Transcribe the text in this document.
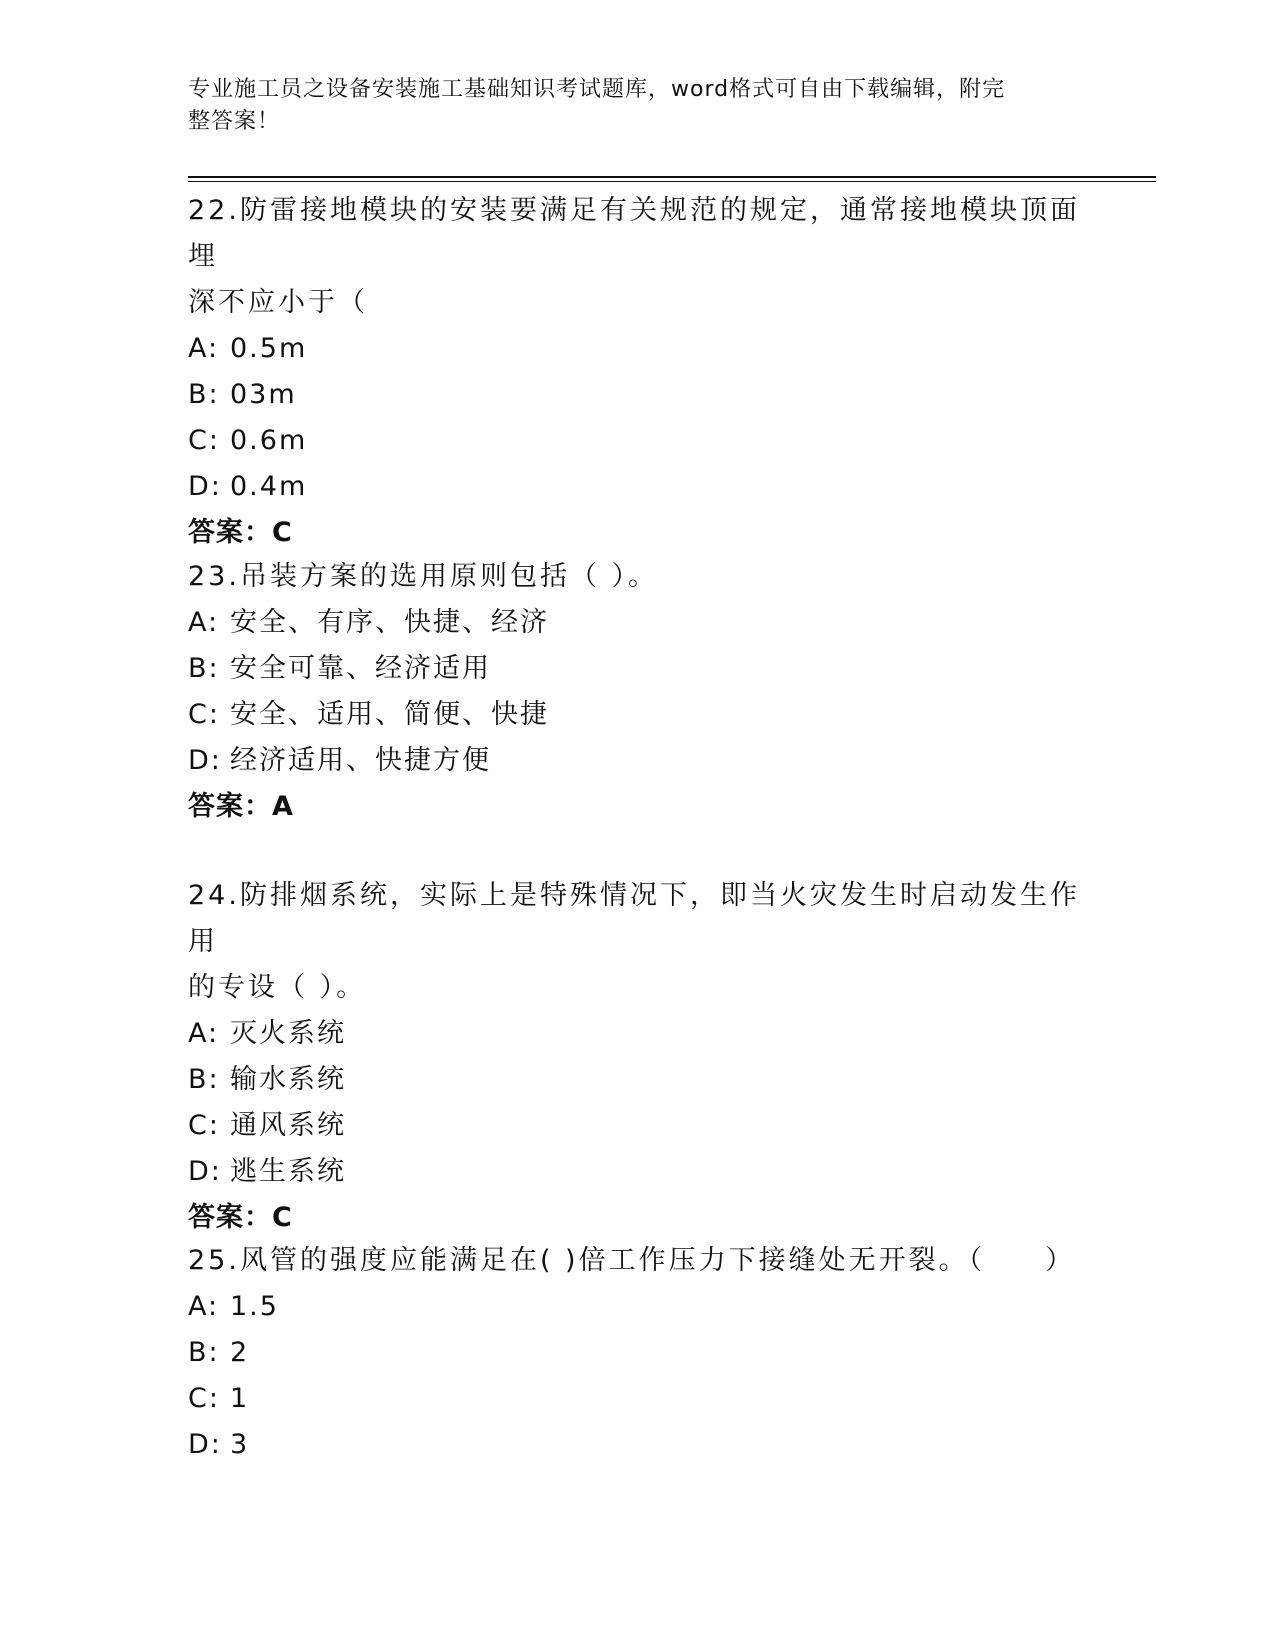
专业施工员之设备安装施工基础知识考试题库，word格式可自由下载编辑，附完
整答案！

22.防雷接地模块的安装要满足有关规范的规定，通常接地模块顶面埋

深不应小于（

A: 0.5m

B: 03m

C: 0.6m

D: 0.4m

答案：C

23.吊装方案的选用原则包括（ ）。

A: 安全、有序、快捷、经济

B: 安全可靠、经济适用

C: 安全、适用、简便、快捷

D: 经济适用、快捷方便

答案：A

24.防排烟系统，实际上是特殊情况下，即当火灾发生时启动发生作用

的专设（ ）。

A: 灭火系统

B: 输水系统

C: 通风系统

D: 逃生系统

答案：C

25.风管的强度应能满足在( )倍工作压力下接缝处无开裂。（　　）

A: 1.5

B: 2

C: 1

D: 3
